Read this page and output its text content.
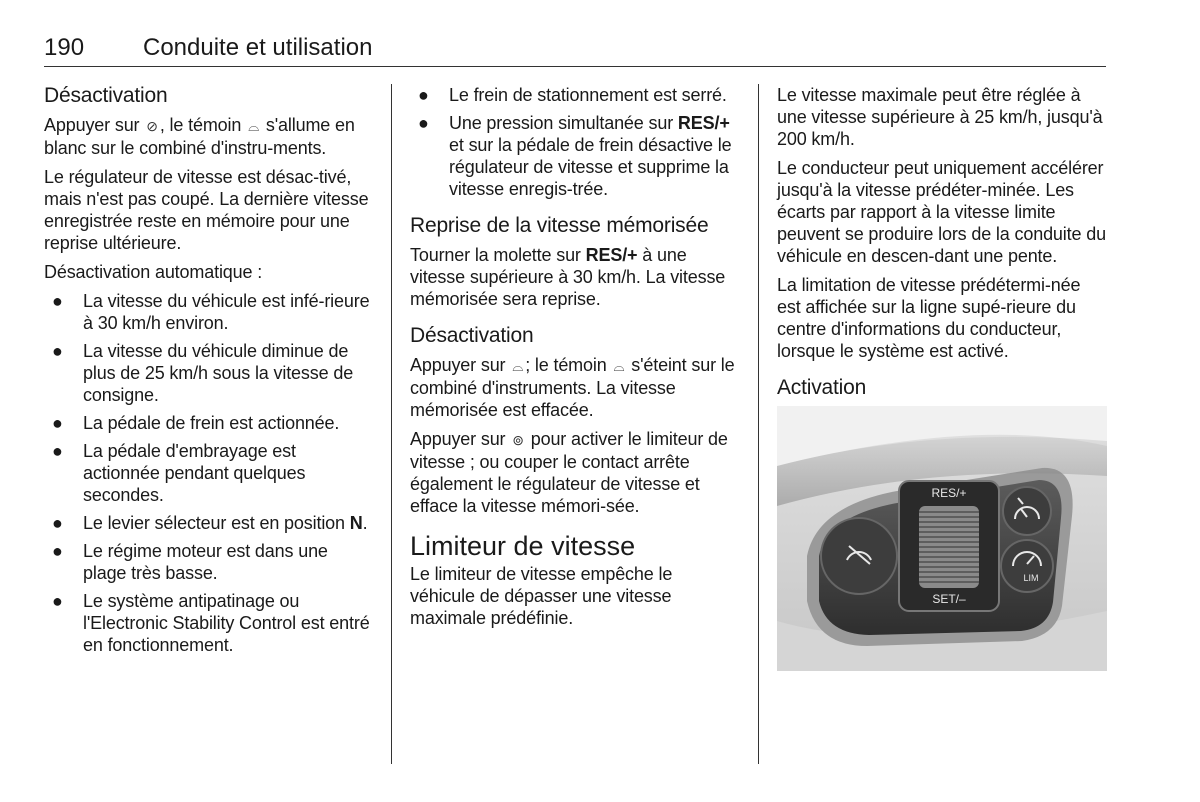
190 Conduite et utilisation
Désactivation

Appuyer sur ⊘ , le témoin ⌓ s'allume en blanc sur le combiné d'instru-ments.

Le régulateur de vitesse est désac-tivé, mais n'est pas coupé. La dernière vitesse enregistrée reste en mémoire pour une reprise ultérieure.

Désactivation automatique :

● La vitesse du véhicule est infé-rieure à 30 km/h environ.
● La vitesse du véhicule diminue de plus de 25 km/h sous la vitesse de consigne.
● La pédale de frein est actionnée.
● La pédale d'embrayage est actionnée pendant quelques secondes.
● Le levier sélecteur est en position N.
● Le régime moteur est dans une plage très basse.
● Le système antipatinage ou l'Electronic Stability Control est entré en fonctionnement.
● Le frein de stationnement est serré.
● Une pression simultanée sur RES/+ et sur la pédale de frein désactive le régulateur de vitesse et supprime la vitesse enregis-trée.
Reprise de la vitesse mémorisée

Tourner la molette sur RES/+ à une vitesse supérieure à 30 km/h. La vitesse mémorisée sera reprise.

Désactivation

Appuyer sur ⌓ ; le témoin ⌓ s'éteint sur le combiné d'instruments. La vitesse mémorisée est effacée.

Appuyer sur ⊚ pour activer le limiteur de vitesse ; ou couper le contact arrête également le régulateur de vitesse et efface la vitesse mémori-sée.

Limiteur de vitesse

Le limiteur de vitesse empêche le véhicule de dépasser une vitesse maximale prédéfinie.

Le vitesse maximale peut être réglée à une vitesse supérieure à 25 km/h, jusqu'à 200 km/h.

Le conducteur peut uniquement accélérer jusqu'à la vitesse prédéter-minée. Les écarts par rapport à la vitesse limite peuvent se produire lors de la conduite du véhicule en descen-dant une pente.

La limitation de vitesse prédétermi-née est affichée sur la ligne supé-rieure du centre d'informations du conducteur, lorsque le système est activé.

Activation
RES/+
SET/–
LIM
